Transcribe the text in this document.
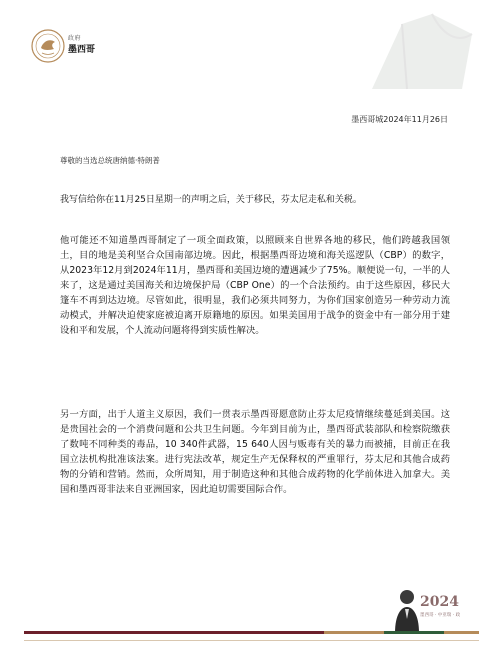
政府
墨西哥
墨西哥城2024年11月26日
尊敬的当选总统唐纳德·特朗普
我写信给你在11月25日星期一的声明之后，关于移民，芬太尼走私和关税。
他可能还不知道墨西哥制定了一项全面政策，以照顾来自世界各地的移民，他们跨越我国领土，目的地是美利坚合众国南部边境。因此，根据墨西哥边境和海关巡逻队（CBP）的数字，从2023年12月到2024年11月，墨西哥和美国边境的遭遇减少了75%。顺便说一句，一半的人来了，这是通过美国海关和边境保护局（CBP One）的一个合法预约。由于这些原因，移民大篷车不再到达边境。尽管如此，很明显，我们必须共同努力，为你们国家创造另一种劳动力流动模式，并解决迫使家庭被迫离开原籍地的原因。如果美国用于战争的资金中有一部分用于建设和平和发展，个人流动问题将得到实质性解决。
另一方面，出于人道主义原因，我们一贯表示墨西哥愿意防止芬太尼疫情继续蔓延到美国。这是贵国社会的一个消费问题和公共卫生问题。今年到目前为止，墨西哥武装部队和检察院缴获了数吨不同种类的毒品，10 340件武器，15 640人因与贩毒有关的暴力而被捕，目前正在我国立法机构批准该法案。进行宪法改革，规定生产无保释权的严重罪行，芬太尼和其他合成药物的分销和营销。然而，众所周知，用于制造这种和其他合成药物的化学前体进入加拿大。美国和墨西哥非法来自亚洲国家，因此迫切需要国际合作。
2024
墨西哥 · 中亚瑞 · 政
